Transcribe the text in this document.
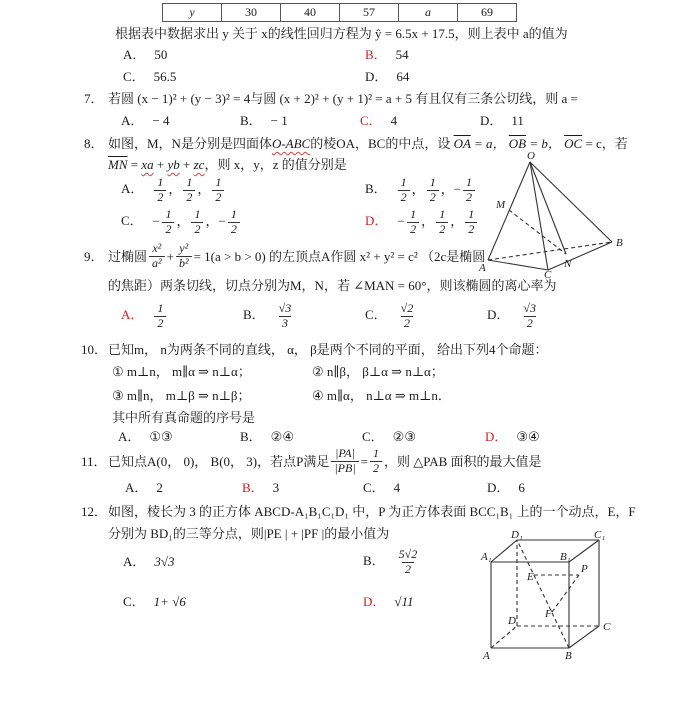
y	30	40	57	a	69
根据表中数据求出 y 关于 x的线性回归方程为 ŷ = 6.5x + 17.5，则上表中 a的值为
A． 50	B． 54
C． 56.5	D． 64
7． 若圆 (x − 1)² + (y − 3)² = 4与圆 (x + 2)² + (y + 1)² = a + 5 有且仅有三条公切线，则 a =
A． − 4	B． − 1	C． 4	D． 11
8． 如图，M，N是分别是四面体O-ABC的棱OA，BC的中点，设 $\overline{OA} = a$， $\overline{OB} = b$， $\overline{OC} = c$，若
$\overline{MN}$ = xa + yb + zc，则 x，y，z 的值分别是
A． $\frac{1}{2}$ ， $\frac{1}{2}$ ， $\frac{1}{2}$	B． $\frac{1}{2}$ ， $\frac{1}{2}$ ，− $\frac{1}{2}$
C． − $\frac{1}{2}$ ， $\frac{1}{2}$ ，− $\frac{1}{2}$	D． − $\frac{1}{2}$ ， $\frac{1}{2}$ ， $\frac{1}{2}$
O
M
A
C
N
B
9． 过椭圆 $\frac{\text{x²}}{\text{a²}} + \frac{\text{y²}}{\text{b²}} = 1(a > b > 0)$ 的左顶点A作圆 x² + y² = c² （2c是椭圆
的焦距）两条切线，切点分别为M，N，若 ∠MAN = 60°，则该椭圆的离心率为
A． $\frac{1}{2}$	B． $\frac{√3}{3}$	C． $\frac{√2}{2}$	D． $\frac{√3}{2}$
10． 已知m， n为两条不同的直线， α， β是两个不同的平面， 给出下列4个命题：
① m⊥n， m∥α ⇒ n⊥α；	② n∥β， β⊥α ⇒ n⊥α；
③ m∥n， m⊥β ⇒ n⊥β；	④ m∥α， n⊥α ⇒ m⊥n．
其中所有真命题的序号是
A． ①③	B． ②④	C． ②③	D． ③④
11． 已知点A(0， 0)， B(0， 3)，若点P满足 $\frac{|PA|}{|PB|} = \frac{1}{2}$ ，则 △PAB 面积的最大值是
A． 2	B． 3	C． 4	D． 6
12． 如图，棱长为 3 的正方体 ABCD-A₁B₁C₁D₁ 中，P 为正方体表面 BCC₁B₁ 上的一个动点，E，F
分别为 BD₁的三等分点，则|PE | + |PF |的最小值为
A． 3√3	B． $\frac{5√2}{2}$
C． 1+ √6	D． √11
D₁	C₁
A₁	B₁
P
E
D	C
F
A	B
